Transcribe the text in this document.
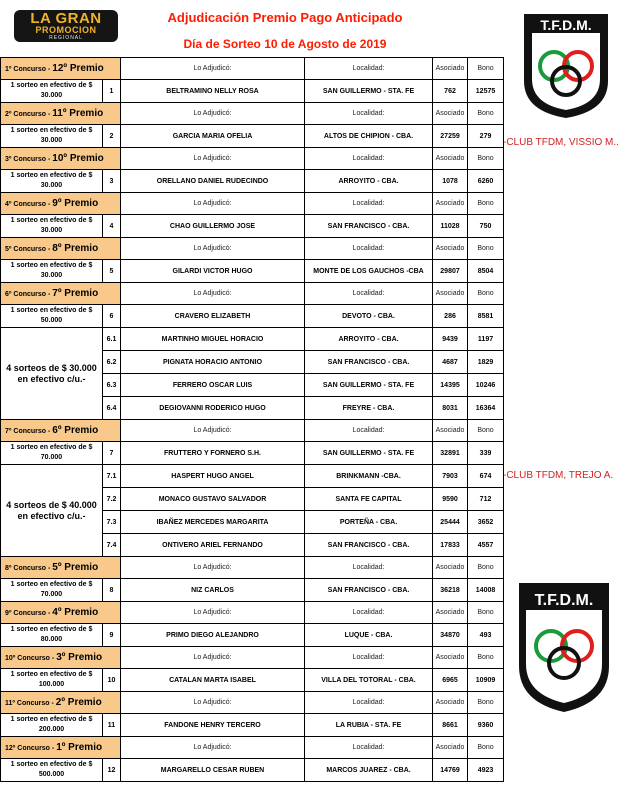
LA GRAN
PROMOCION
REGIONAL
Adjudicación Premio Pago Anticipado
Día de Sorteo 10 de Agosto de 2019
T.F.D.M.
T.F.D.M.
-CLUB TFDM, VISSIO M..
-CLUB TFDM, TREJO A.
1º Concurso - 12º Premio		Lo Adjudicó:	Localidad:	Asociado	Bono
1 sorteo en efectivo de $ 30.000	1	BELTRAMINO NELLY ROSA	SAN GUILLERMO - STA. FE	762	12575
2º Concurso - 11º Premio		Lo Adjudicó:	Localidad:	Asociado	Bono
1 sorteo en efectivo de $ 30.000	2	GARCIA MARIA OFELIA	ALTOS DE CHIPION - CBA.	27259	279
3º Concurso - 10º Premio		Lo Adjudicó:	Localidad:	Asociado	Bono
1 sorteo en efectivo de $ 30.000	3	ORELLANO DANIEL RUDECINDO	ARROYITO - CBA.	1078	6260
4º Concurso - 9º Premio		Lo Adjudicó:	Localidad:	Asociado	Bono
1 sorteo en efectivo de $ 30.000	4	CHAO GUILLERMO JOSE	SAN FRANCISCO - CBA.	11028	750
5º Concurso - 8º Premio		Lo Adjudicó:	Localidad:	Asociado	Bono
1 sorteo en efectivo de $ 30.000	5	GILARDI VICTOR HUGO	MONTE DE LOS GAUCHOS -CBA	29807	8504
6º Concurso - 7º Premio		Lo Adjudicó:	Localidad:	Asociado	Bono
1 sorteo en efectivo de $ 50.000	6	CRAVERO ELIZABETH	DEVOTO - CBA.	286	8581
4 sorteos de $ 30.000 en efectivo c/u.-	6.1	MARTINHO MIGUEL HORACIO	ARROYITO - CBA.	9439	1197
	6.2	PIGNATA HORACIO ANTONIO	SAN FRANCISCO - CBA.	4687	1829
	6.3	FERRERO OSCAR LUIS	SAN GUILLERMO - STA. FE	14395	10246
	6.4	DEGIOVANNI RODERICO HUGO	FREYRE - CBA.	8031	16364
7º Concurso - 6º Premio		Lo Adjudicó:	Localidad:	Asociado	Bono
1 sorteo en efectivo de $ 70.000	7	FRUTTERO Y FORNERO S.H.	SAN GUILLERMO - STA. FE	32891	339
4 sorteos de $ 40.000 en efectivo c/u.-	7.1	HASPERT HUGO ANGEL	BRINKMANN -CBA.	7903	674
	7.2	MONACO GUSTAVO SALVADOR	SANTA FE CAPITAL	9590	712
	7.3	IBAÑEZ MERCEDES MARGARITA	PORTEÑA - CBA.	25444	3652
	7.4	ONTIVERO ARIEL FERNANDO	SAN FRANCISCO - CBA.	17833	4557
8º Concurso - 5º Premio		Lo Adjudicó:	Localidad:	Asociado	Bono
1 sorteo en efectivo de $ 70.000	8	NIZ CARLOS	SAN FRANCISCO - CBA.	36218	14008
9º Concurso - 4º Premio		Lo Adjudicó:	Localidad:	Asociado	Bono
1 sorteo en efectivo de $ 80.000	9	PRIMO DIEGO ALEJANDRO	LUQUE - CBA.	34870	493
10º Concurso - 3º Premio		Lo Adjudicó:	Localidad:	Asociado	Bono
1 sorteo en efectivo de $ 100.000	10	CATALAN MARTA ISABEL	VILLA DEL TOTORAL - CBA.	6965	10909
11º Concurso - 2º Premio		Lo Adjudicó:	Localidad:	Asociado	Bono
1 sorteo en efectivo de $ 200.000	11	FANDONE HENRY TERCERO	LA RUBIA - STA. FE	8661	9360
12º Concurso - 1º Premio		Lo Adjudicó:	Localidad:	Asociado	Bono
1 sorteo en efectivo de $ 500.000	12	MARGARELLO CESAR RUBEN	MARCOS JUAREZ - CBA.	14769	4923
